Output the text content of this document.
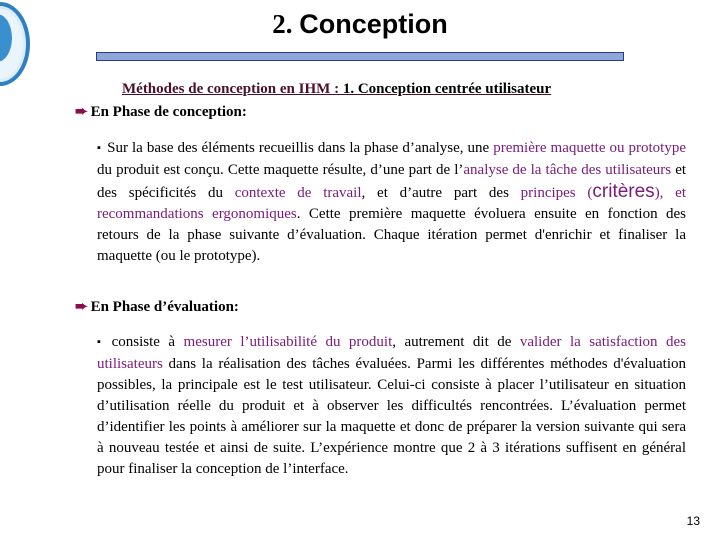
2. Conception
Méthodes de conception en IHM : 1. Conception centrée utilisateur
➨ En Phase de conception:
▪ Sur la base des éléments recueillis dans la phase d’analyse, une première maquette ou prototype du produit est conçu. Cette maquette résulte, d’une part de l’analyse de la tâche des utilisateurs et des spécificités du contexte de travail, et d’autre part des principes (critères), et recommandations ergonomiques. Cette première maquette évoluera ensuite en fonction des retours de la phase suivante d’évaluation. Chaque itération permet d'enrichir et finaliser la maquette (ou le prototype).
➨ En Phase d’évaluation:
▪ consiste à mesurer l’utilisabilité du produit, autrement dit de valider la satisfaction des utilisateurs dans la réalisation des tâches évaluées. Parmi les différentes méthodes d'évaluation possibles, la principale est le test utilisateur. Celui-ci consiste à placer l’utilisateur en situation d’utilisation réelle du produit et à observer les difficultés rencontrées. L’évaluation permet d’identifier les points à améliorer sur la maquette et donc de préparer la version suivante qui sera à nouveau testée et ainsi de suite. L’expérience montre que 2 à 3 itérations suffisent en général pour finaliser la conception de l’interface.
13
